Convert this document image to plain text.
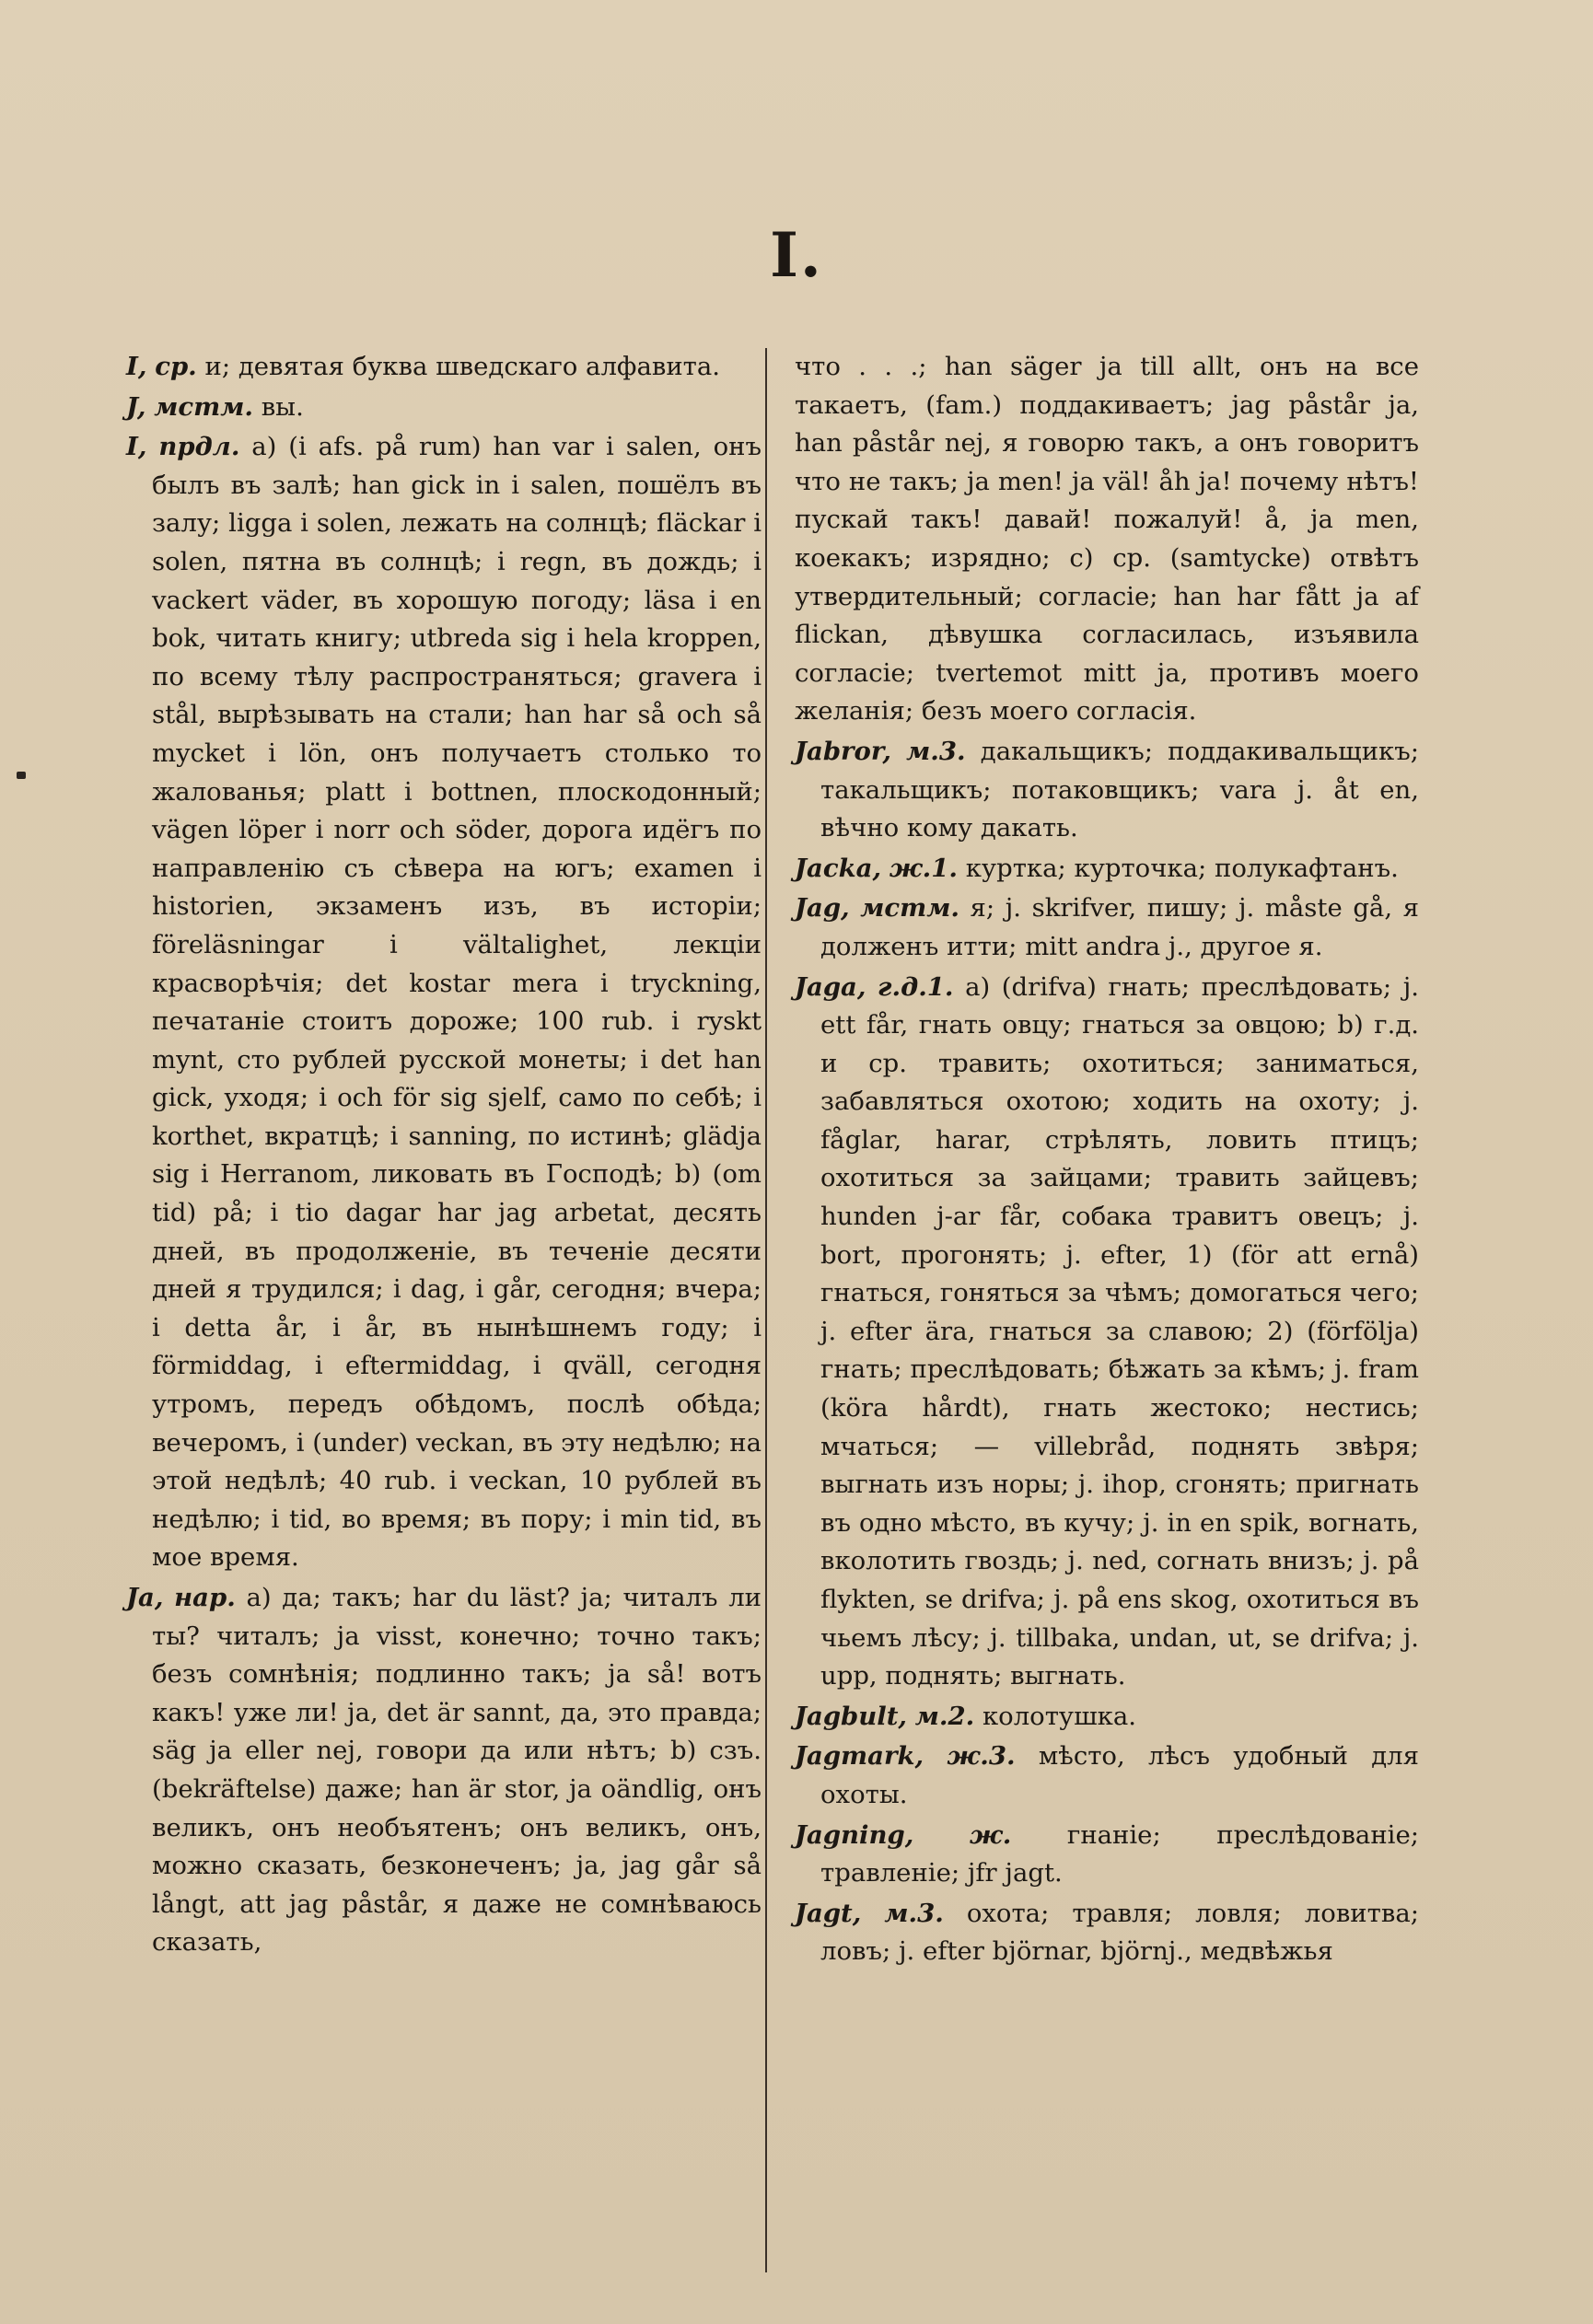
I.

I, ср. и; девятая буква шведскаго алфавита.

J, мстм. вы.

I, прдл. a) (i afs. på rum) han var i salen, онъ былъ въ залѣ; han gick in i salen, пошёлъ въ залу; ligga i solen, лежать на солнцѣ; fläckar i solen, пятна въ солнцѣ; i regn, въ дождь; i vackert väder, въ хорошую погоду; läsa i en bok, читать книгу; utbreda sig i hela kroppen, по всему тѣлу распространяться; gravera i stål, вырѣзывать на стали; han har så och så mycket i lön, онъ получаетъ столько то жалованья; platt i bottnen, плоскодонный; vägen löper i norr och söder, дорога идёгъ по направленію съ сѣвера на югъ; examen i historien, экзаменъ изъ, въ исторіи; föreläsningar i vältalighet, лекціи красворѣчія; det kostar mera i tryckning, печатаніе стоитъ дороже; 100 rub. i ryskt mynt, сто рублей русской монеты; i det han gick, уходя; i och för sig sjelf, само по себѣ; i korthet, вкратцѣ; i sanning, по истинѣ; glädja sig i Herranom, ликовать въ Господѣ; b) (om tid) på; i tio dagar har jag arbetat, десять дней, въ продолженіе, въ теченіе десяти дней я трудился; i dag, i går, сегодня; вчера; i detta år, i år, въ нынѣшнемъ году; i förmiddag, i eftermiddag, i qväll, сегодня утромъ, передъ обѣдомъ, послѣ обѣда; вечеромъ, i (under) veckan, въ эту недѣлю; на этой недѣлѣ; 40 rub. i veckan, 10 рублей въ недѣлю; i tid, во время; въ пору; i min tid, въ мое время.

Ja, нар. a) да; такъ; har du läst? ja; читалъ ли ты? читалъ; ja visst, конечно; точно такъ; безъ сомнѣнія; подлинно такъ; ja så! вотъ какъ! уже ли! ja, det är sannt, да, это правда; säg ja eller nej, говори да или нѣтъ; b) сзъ. (bekräftelse) даже; han är stor, ja oändlig, онъ великъ, онъ необъятенъ; онъ великъ, онъ, можно сказать, безконеченъ; ja, jag går så långt, att jag påstår, я даже не сомнѣваюсь сказать,

что . . .; han säger ja till allt, онъ на все такаетъ, (fam.) поддакиваетъ; jag påstår ja, han påstår nej, я говорю такъ, а онъ говоритъ что не такъ; ja men! ja väl! åh ja! почему нѣтъ! пускай такъ! давай! пожалуй! å, ja men, коекакъ; изрядно; c) ср. (samtycke) отвѣтъ утвердительный; согласіе; han har fått ja af flickan, дѣвушка согласилась, изъявила согласіе; tvertemot mitt ja, противъ моего желанія; безъ моего согласія.

Jabror, м.3. дакальщикъ; поддакивальщикъ; такальщикъ; потаковщикъ; vara j. åt en, вѣчно кому дакать.

Jacka, ж.1. куртка; курточка; полукафтанъ.

Jag, мстм. я; j. skrifver, пишу; j. måste gå, я долженъ итти; mitt andra j., другое я.

Jaga, г.д.1. a) (drifva) гнать; преслѣдовать; j. ett får, гнать овцу; гнаться за овцою; b) г.д. и ср. травить; охотиться; заниматься, забавляться охотою; ходить на охоту; j. fåglar, harar, стрѣлять, ловить птицъ; охотиться за зайцами; травить зайцевъ; hunden j-ar får, собака травитъ овецъ; j. bort, прогонять; j. efter, 1) (för att ernå) гнаться, гоняться за чѣмъ; домогаться чего; j. efter ära, гнаться за славою; 2) (förfölja) гнать; преслѣдовать; бѣжать за кѣмъ; j. fram (köra hårdt), гнать жестоко; нестись; мчаться; — villebråd, поднять звѣря; выгнать изъ норы; j. ihop, сгонять; пригнать въ одно мѣсто, въ кучу; j. in en spik, вогнать, вколотить гвоздь; j. ned, согнать внизъ; j. på flykten, se drifva; j. på ens skog, охотиться въ чьемъ лѣсу; j. tillbaka, undan, ut, se drifva; j. upp, поднять; выгнать.

Jagbult, м.2. колотушка.

Jagmark, ж.3. мѣсто, лѣсъ удобный для охоты.

Jagning, ж. гнаніе; преслѣдованіе; травленіе; jfr jagt.

Jagt, м.3. охота; травля; ловля; ловитва; ловъ; j. efter björnar, björnj., медвѣжья
